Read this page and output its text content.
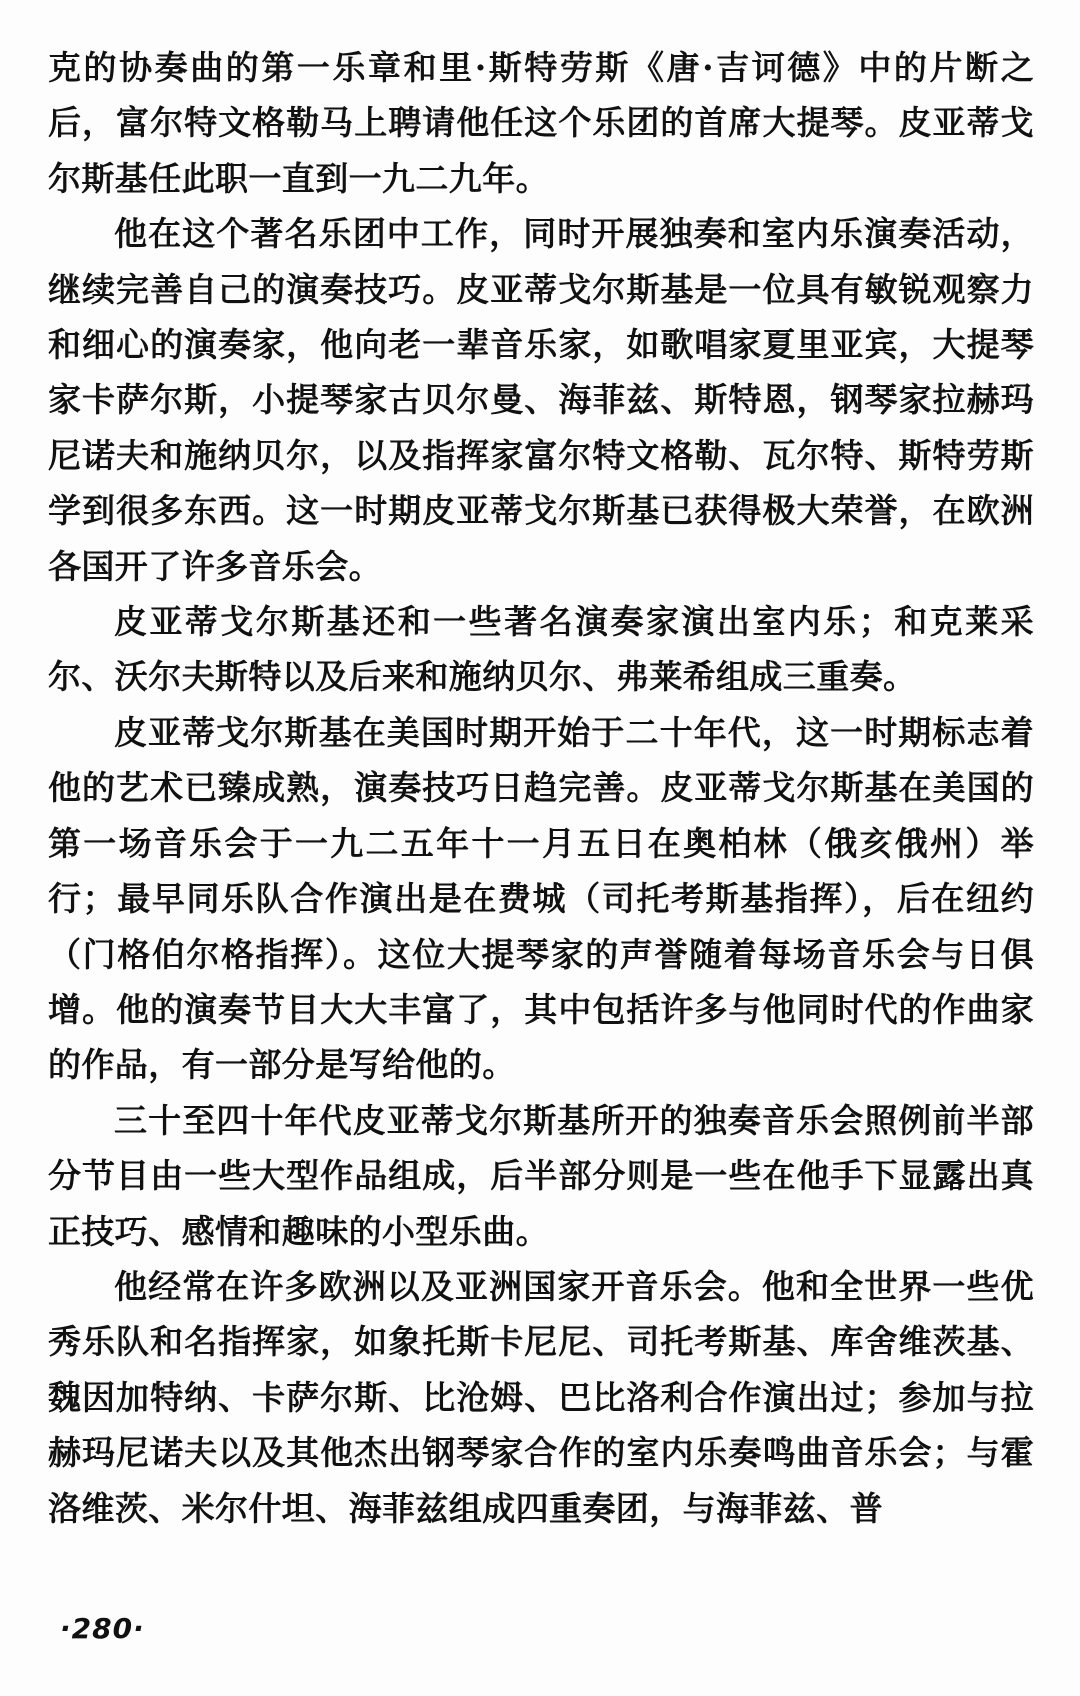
克的协奏曲的第一乐章和里·斯特劳斯《唐·吉诃德》中的片断之后，富尔特文格勒马上聘请他任这个乐团的首席大提琴。皮亚蒂戈尔斯基任此职一直到一九二九年。

他在这个著名乐团中工作，同时开展独奏和室内乐演奏活动，继续完善自己的演奏技巧。皮亚蒂戈尔斯基是一位具有敏锐观察力和细心的演奏家，他向老一辈音乐家，如歌唱家夏里亚宾，大提琴家卡萨尔斯，小提琴家古贝尔曼、海菲兹、斯特恩，钢琴家拉赫玛尼诺夫和施纳贝尔，以及指挥家富尔特文格勒、瓦尔特、斯特劳斯学到很多东西。这一时期皮亚蒂戈尔斯基已获得极大荣誉，在欧洲各国开了许多音乐会。

皮亚蒂戈尔斯基还和一些著名演奏家演出室内乐；和克莱采尔、沃尔夫斯特以及后来和施纳贝尔、弗莱希组成三重奏。

皮亚蒂戈尔斯基在美国时期开始于二十年代，这一时期标志着他的艺术已臻成熟，演奏技巧日趋完善。皮亚蒂戈尔斯基在美国的第一场音乐会于一九二五年十一月五日在奥柏林（俄亥俄州）举行；最早同乐队合作演出是在费城（司托考斯基指挥），后在纽约（门格伯尔格指挥）。这位大提琴家的声誉随着每场音乐会与日俱增。他的演奏节目大大丰富了，其中包括许多与他同时代的作曲家的作品，有一部分是写给他的。

三十至四十年代皮亚蒂戈尔斯基所开的独奏音乐会照例前半部分节目由一些大型作品组成，后半部分则是一些在他手下显露出真正技巧、感情和趣味的小型乐曲。

他经常在许多欧洲以及亚洲国家开音乐会。他和全世界一些优秀乐队和名指挥家，如象托斯卡尼尼、司托考斯基、库舍维茨基、魏因加特纳、卡萨尔斯、比沧姆、巴比洛利合作演出过；参加与拉赫玛尼诺夫以及其他杰出钢琴家合作的室内乐奏鸣曲音乐会；与霍洛维茨、米尔什坦、海菲兹组成四重奏团，与海菲兹、普

·280·
